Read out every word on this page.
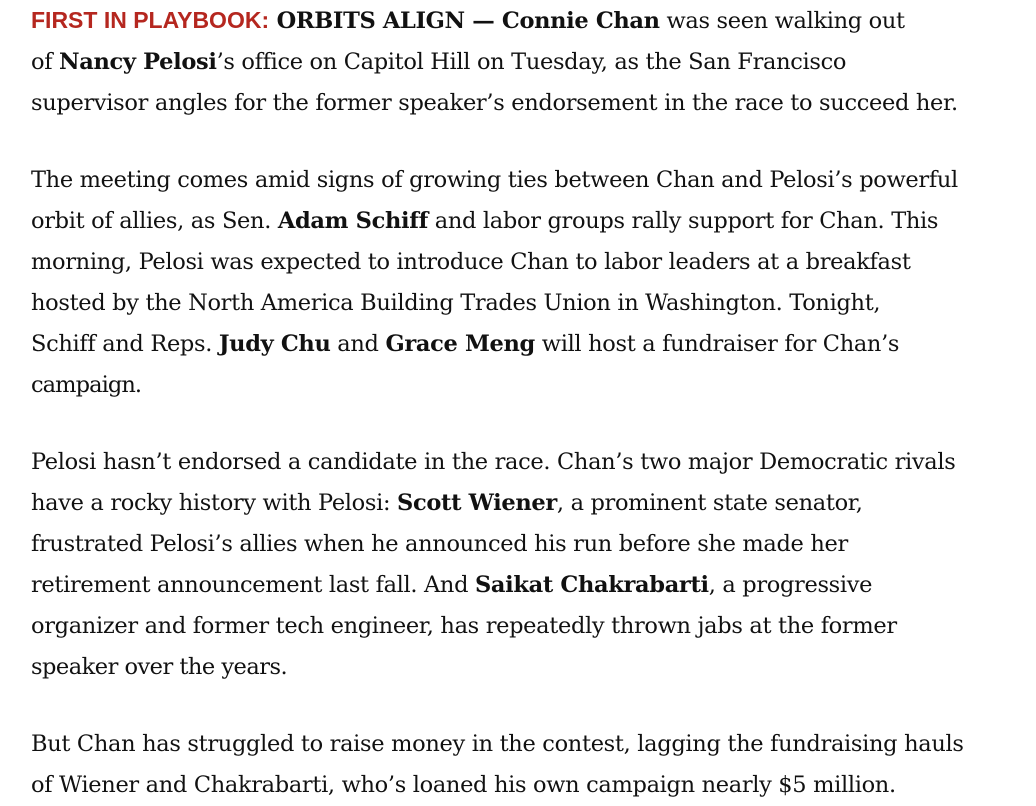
FIRST IN PLAYBOOK: ORBITS ALIGN — Connie Chan was seen walking out
of Nancy Pelosi’s office on Capitol Hill on Tuesday, as the San Francisco
supervisor angles for the former speaker’s endorsement in the race to succeed her.

The meeting comes amid signs of growing ties between Chan and Pelosi’s powerful
orbit of allies, as Sen. Adam Schiff and labor groups rally support for Chan. This
morning, Pelosi was expected to introduce Chan to labor leaders at a breakfast
hosted by the North America Building Trades Union in Washington. Tonight,
Schiff and Reps. Judy Chu and Grace Meng will host a fundraiser for Chan’s
campaign.

Pelosi hasn’t endorsed a candidate in the race. Chan’s two major Democratic rivals
have a rocky history with Pelosi: Scott Wiener, a prominent state senator,
frustrated Pelosi’s allies when he announced his run before she made her
retirement announcement last fall. And Saikat Chakrabarti, a progressive
organizer and former tech engineer, has repeatedly thrown jabs at the former
speaker over the years.

But Chan has struggled to raise money in the contest, lagging the fundraising hauls
of Wiener and Chakrabarti, who’s loaned his own campaign nearly $5 million.
